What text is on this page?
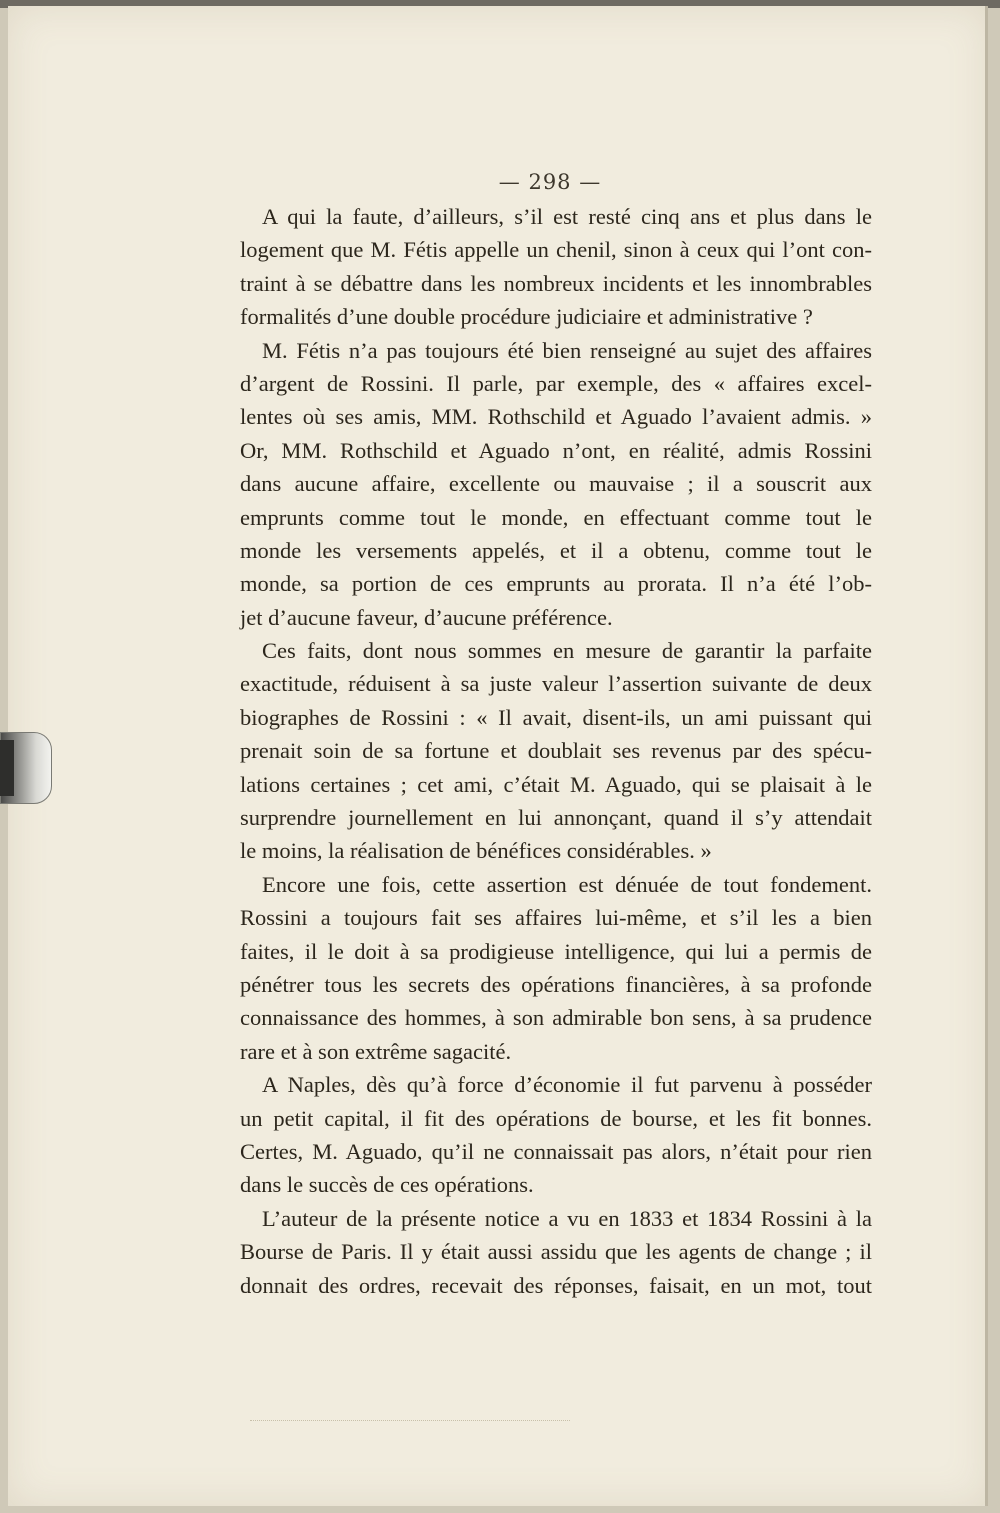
— 298 —
A qui la faute, d’ailleurs, s’il est resté cinq ans et plus dans le
logement que M. Fétis appelle un chenil, sinon à ceux qui l’ont con-
traint à se débattre dans les nombreux incidents et les innombrables
formalités d’une double procédure judiciaire et administrative ?
M. Fétis n’a pas toujours été bien renseigné au sujet des affaires
d’argent de Rossini. Il parle, par exemple, des « affaires excel-
lentes où ses amis, MM. Rothschild et Aguado l’avaient admis. »
Or, MM. Rothschild et Aguado n’ont, en réalité, admis Rossini
dans aucune affaire, excellente ou mauvaise ; il a souscrit aux
emprunts comme tout le monde, en effectuant comme tout le
monde les versements appelés, et il a obtenu, comme tout le
monde, sa portion de ces emprunts au prorata. Il n’a été l’ob-
jet d’aucune faveur, d’aucune préférence.
Ces faits, dont nous sommes en mesure de garantir la parfaite
exactitude, réduisent à sa juste valeur l’assertion suivante de deux
biographes de Rossini : « Il avait, disent-ils, un ami puissant qui
prenait soin de sa fortune et doublait ses revenus par des spécu-
lations certaines ; cet ami, c’était M. Aguado, qui se plaisait à le
surprendre journellement en lui annonçant, quand il s’y attendait
le moins, la réalisation de bénéfices considérables. »
Encore une fois, cette assertion est dénuée de tout fondement.
Rossini a toujours fait ses affaires lui-même, et s’il les a bien
faites, il le doit à sa prodigieuse intelligence, qui lui a permis de
pénétrer tous les secrets des opérations financières, à sa profonde
connaissance des hommes, à son admirable bon sens, à sa prudence
rare et à son extrême sagacité.
A Naples, dès qu’à force d’économie il fut parvenu à posséder
un petit capital, il fit des opérations de bourse, et les fit bonnes.
Certes, M. Aguado, qu’il ne connaissait pas alors, n’était pour rien
dans le succès de ces opérations.
L’auteur de la présente notice a vu en 1833 et 1834 Rossini à la
Bourse de Paris. Il y était aussi assidu que les agents de change ; il
donnait des ordres, recevait des réponses, faisait, en un mot, tout
